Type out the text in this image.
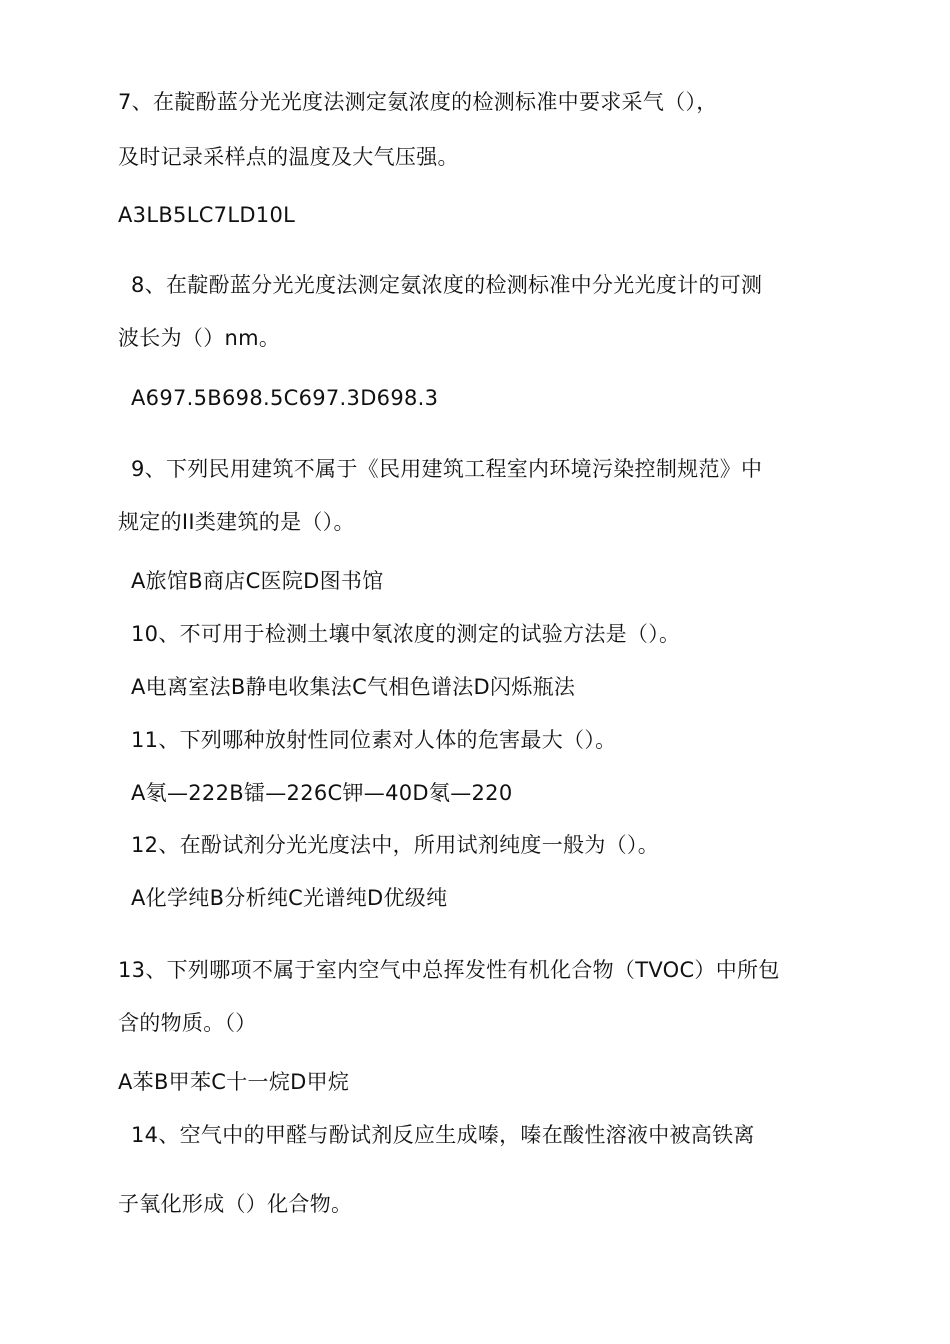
7、在靛酚蓝分光光度法测定氨浓度的检测标准中要求采气（），
及时记录采样点的温度及大气压强。
A3LB5LC7LD10L
8、在靛酚蓝分光光度法测定氨浓度的检测标准中分光光度计的可测
波长为（）nm。
A697.5B698.5C697.3D698.3
9、下列民用建筑不属于《民用建筑工程室内环境污染控制规范》中
规定的II类建筑的是（）。
A旅馆B商店C医院D图书馆
10、不可用于检测土壤中氡浓度的测定的试验方法是（）。
A电离室法B静电收集法C气相色谱法D闪烁瓶法
11、下列哪种放射性同位素对人体的危害最大（）。
A氡—222B镭—226C钾—40D氡—220
12、在酚试剂分光光度法中，所用试剂纯度一般为（）。
A化学纯B分析纯C光谱纯D优级纯
13、下列哪项不属于室内空气中总挥发性有机化合物（TVOC）中所包
含的物质。（）
A苯B甲苯C十一烷D甲烷
14、空气中的甲醛与酚试剂反应生成嗪，嗪在酸性溶液中被高铁离
子氧化形成（）化合物。
